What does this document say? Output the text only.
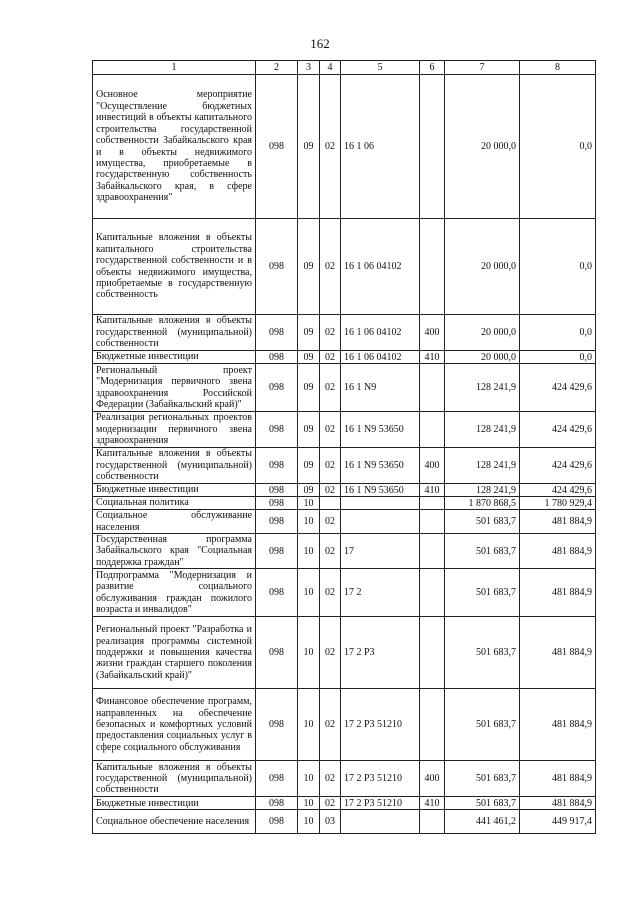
162
1	2	3	4	5	6	7	8
Основное мероприятие "Осуществление бюджетных инвестиций в объекты капитального строительства государственной собственности Забайкальского края и в объекты недвижимого имущества, приобретаемые в государственную собственность Забайкальского края, в сфере здравоохранения"	098	09	02	16 1 06		20 000,0	0,0
Капитальные вложения в объекты капитального строительства государственной собственности и в объекты недвижимого имущества, приобретаемые в государственную собственность	098	09	02	16 1 06 04102		20 000,0	0,0
Капитальные вложения в объекты государственной (муниципальной) собственности	098	09	02	16 1 06 04102	400	20 000,0	0,0
Бюджетные инвестиции	098	09	02	16 1 06 04102	410	20 000,0	0,0
Региональный проект "Модернизация первичного звена здравоохранения Российской Федерации (Забайкальский край)"	098	09	02	16 1 N9		128 241,9	424 429,6
Реализация региональных проектов модернизации первичного звена здравоохранения	098	09	02	16 1 N9 53650		128 241,9	424 429,6
Капитальные вложения в объекты государственной (муниципальной) собственности	098	09	02	16 1 N9 53650	400	128 241,9	424 429,6
Бюджетные инвестиции	098	09	02	16 1 N9 53650	410	128 241,9	424 429,6
Социальная политика	098	10				1 870 868,5	1 780 929,4
Социальное обслуживание населения	098	10	02			501 683,7	481 884,9
Государственная программа Забайкальского края "Социальная поддержка граждан"	098	10	02	17		501 683,7	481 884,9
Подпрограмма "Модернизация и развитие социального обслуживания граждан пожилого возраста и инвалидов"	098	10	02	17 2		501 683,7	481 884,9
Региональный проект "Разработка и реализация программы системной поддержки и повышения качества жизни граждан старшего поколения (Забайкальский край)"	098	10	02	17 2 P3		501 683,7	481 884,9
Финансовое обеспечение программ, направленных на обеспечение безопасных и комфортных условий предоставления социальных услуг в сфере социального обслуживания	098	10	02	17 2 P3 51210		501 683,7	481 884,9
Капитальные вложения в объекты государственной (муниципальной) собственности	098	10	02	17 2 P3 51210	400	501 683,7	481 884,9
Бюджетные инвестиции	098	10	02	17 2 P3 51210	410	501 683,7	481 884,9
Социальное обеспечение населения	098	10	03			441 461,2	449 917,4
